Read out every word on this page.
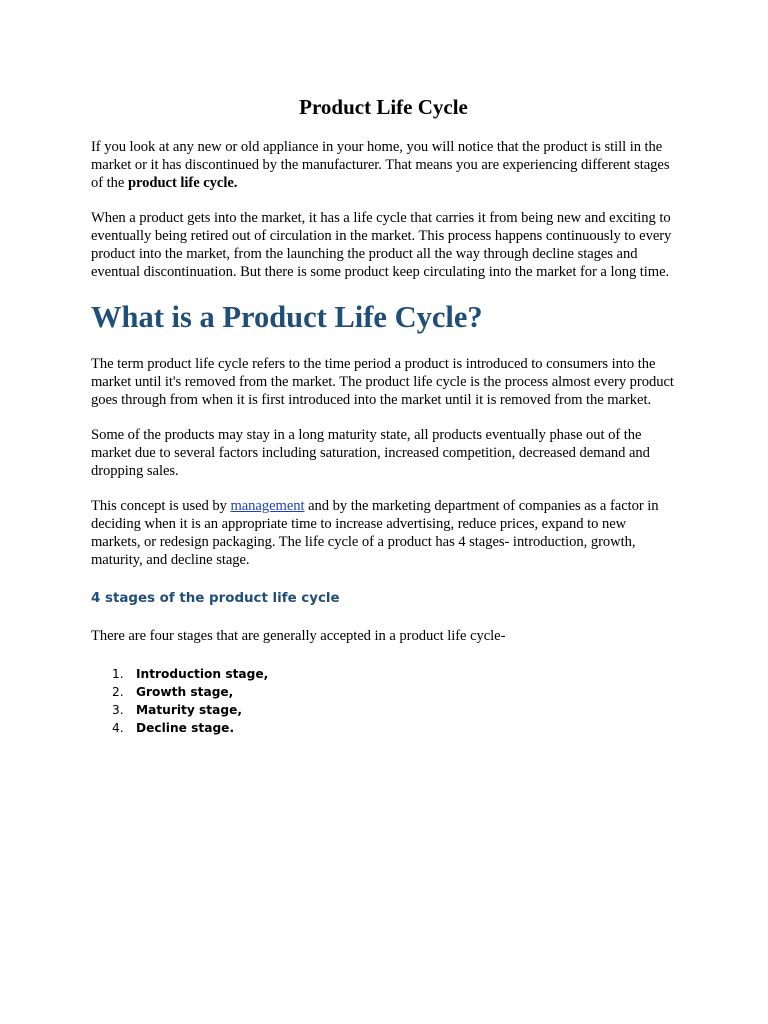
Product Life Cycle

If you look at any new or old appliance in your home, you will notice that the product is still in the market or it has discontinued by the manufacturer. That means you are experiencing different stages of the product life cycle.

When a product gets into the market, it has a life cycle that carries it from being new and exciting to eventually being retired out of circulation in the market. This process happens continuously to every product into the market, from the launching the product all the way through decline stages and eventual discontinuation. But there is some product keep circulating into the market for a long time.

What is a Product Life Cycle?

The term product life cycle refers to the time period a product is introduced to consumers into the market until it's removed from the market. The product life cycle is the process almost every product goes through from when it is first introduced into the market until it is removed from the market.

Some of the products may stay in a long maturity state, all products eventually phase out of the market due to several factors including saturation, increased competition, decreased demand and dropping sales.

This concept is used by management and by the marketing department of companies as a factor in deciding when it is an appropriate time to increase advertising, reduce prices, expand to new markets, or redesign packaging. The life cycle of a product has 4 stages- introduction, growth, maturity, and decline stage.

4 stages of the product life cycle

There are four stages that are generally accepted in a product life cycle-

1.	Introduction stage,
2.	Growth stage,
3.	Maturity stage,
4.	Decline stage.
